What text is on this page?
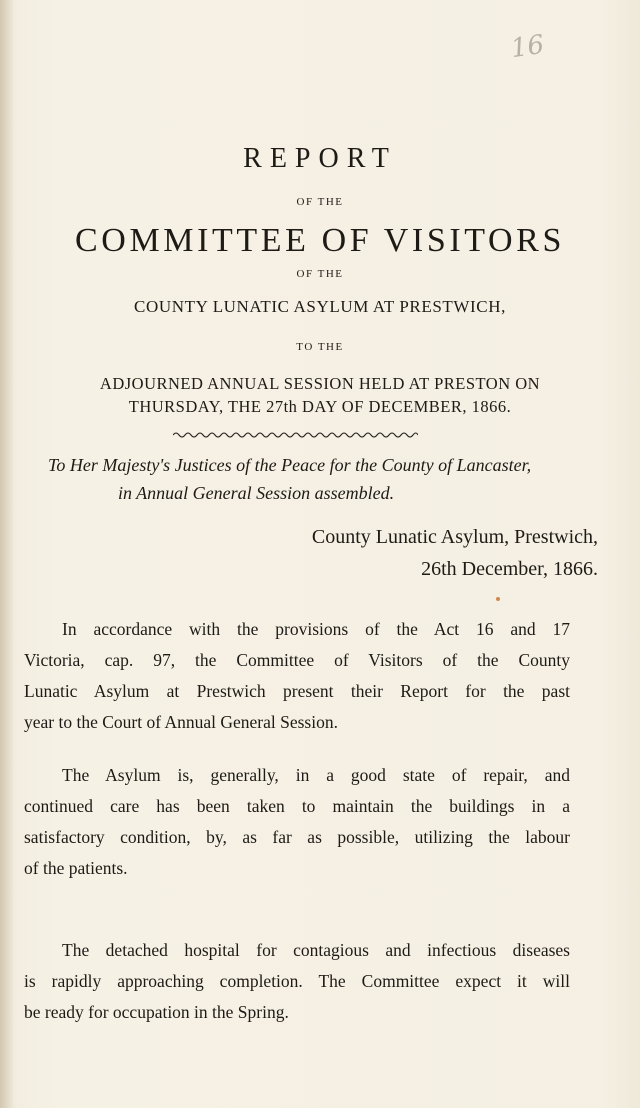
16
REPORT
OF THE
COMMITTEE OF VISITORS
OF THE
COUNTY LUNATIC ASYLUM AT PRESTWICH,
TO THE
ADJOURNED ANNUAL SESSION HELD AT PRESTON ON
THURSDAY, THE 27th DAY OF DECEMBER, 1866.
To Her Majesty's Justices of the Peace for the County of Lancaster,
in Annual General Session assembled.
County Lunatic Asylum, Prestwich,
26th December, 1866.
In accordance with the provisions of the Act 16 and 17
Victoria, cap. 97, the Committee of Visitors of the County
Lunatic Asylum at Prestwich present their Report for the past
year to the Court of Annual General Session.
The Asylum is, generally, in a good state of repair, and
continued care has been taken to maintain the buildings in a
satisfactory condition, by, as far as possible, utilizing the labour
of the patients.
The detached hospital for contagious and infectious diseases
is rapidly approaching completion. The Committee expect it will
be ready for occupation in the Spring.
